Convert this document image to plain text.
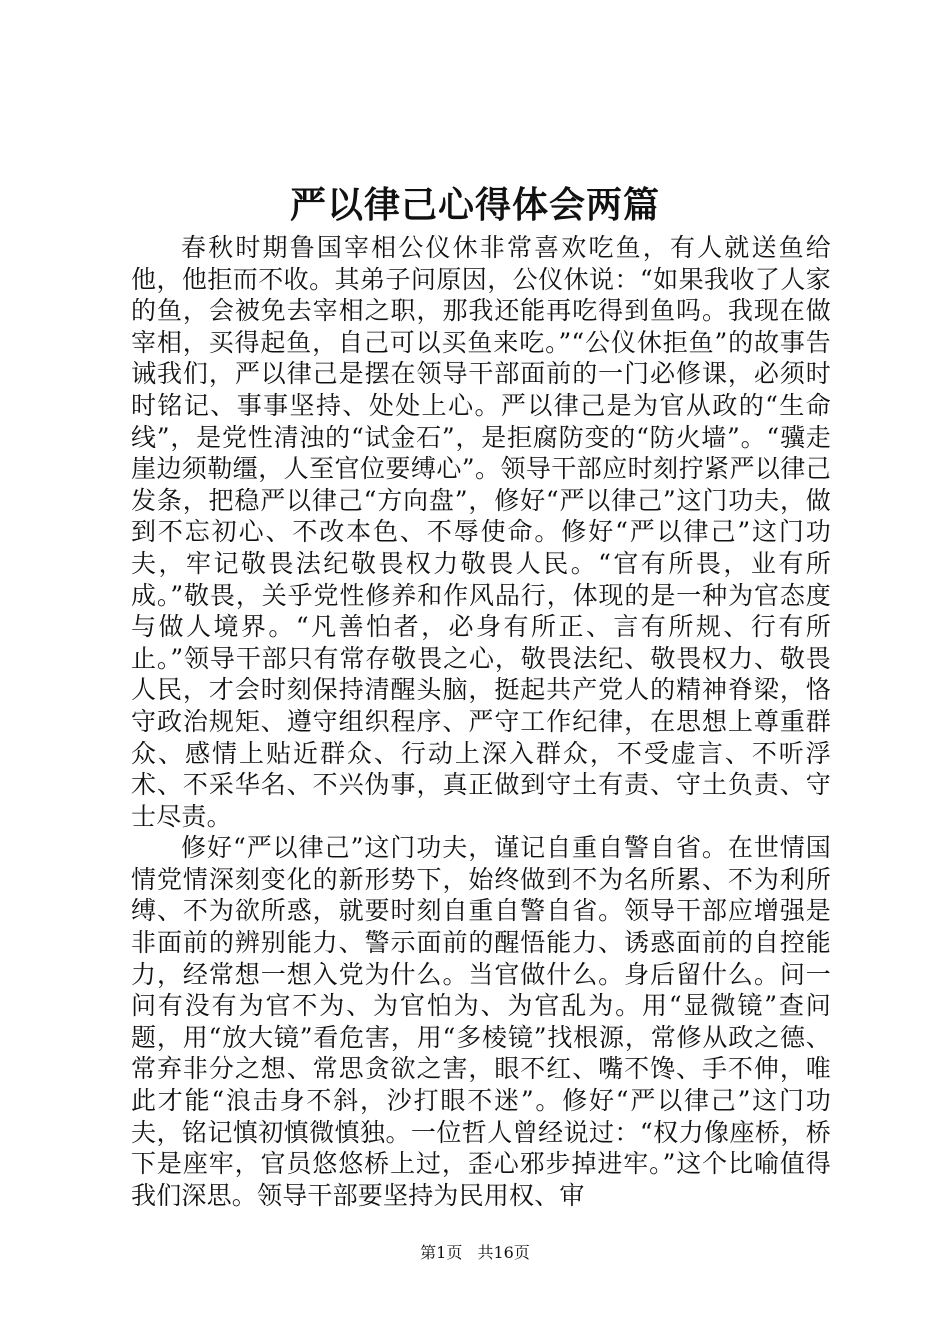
严以律己心得体会两篇

春秋时期鲁国宰相公仪休非常喜欢吃鱼，有人就送鱼给他，他拒而不收。其弟子问原因，公仪休说：“如果我收了人家的鱼，会被免去宰相之职，那我还能再吃得到鱼吗。我现在做宰相，买得起鱼，自己可以买鱼来吃。”“公仪休拒鱼”的故事告诫我们，严以律己是摆在领导干部面前的一门必修课，必须时时铭记、事事坚持、处处上心。严以律己是为官从政的“生命线”，是党性清浊的“试金石”，是拒腐防变的“防火墙”。“骥走崖边须勒缰，人至官位要缚心”。领导干部应时刻拧紧严以律己发条，把稳严以律己“方向盘”，修好“严以律己”这门功夫，做到不忘初心、不改本色、不辱使命。修好“严以律己”这门功夫，牢记敬畏法纪敬畏权力敬畏人民。“官有所畏，业有所成。”敬畏，关乎党性修养和作风品行，体现的是一种为官态度与做人境界。“凡善怕者，必身有所正、言有所规、行有所止。”领导干部只有常存敬畏之心，敬畏法纪、敬畏权力、敬畏人民，才会时刻保持清醒头脑，挺起共产党人的精神脊梁，恪守政治规矩、遵守组织程序、严守工作纪律，在思想上尊重群众、感情上贴近群众、行动上深入群众，不受虚言、不听浮术、不采华名、不兴伪事，真正做到守土有责、守土负责、守士尽责。

修好“严以律己”这门功夫，谨记自重自警自省。在世情国情党情深刻变化的新形势下，始终做到不为名所累、不为利所缚、不为欲所惑，就要时刻自重自警自省。领导干部应增强是非面前的辨别能力、警示面前的醒悟能力、诱惑面前的自控能力，经常想一想入党为什么。当官做什么。身后留什么。问一问有没有为官不为、为官怕为、为官乱为。用“显微镜”查问题，用“放大镜”看危害，用“多棱镜”找根源，常修从政之德、常弃非分之想、常思贪欲之害，眼不红、嘴不馋、手不伸，唯此才能“浪击身不斜，沙打眼不迷”。修好“严以律己”这门功夫，铭记慎初慎微慎独。一位哲人曾经说过：“权力像座桥，桥下是座牢，官员悠悠桥上过，歪心邪步掉进牢。”这个比喻值得我们深思。领导干部要坚持为民用权、审

第1页 共16页
